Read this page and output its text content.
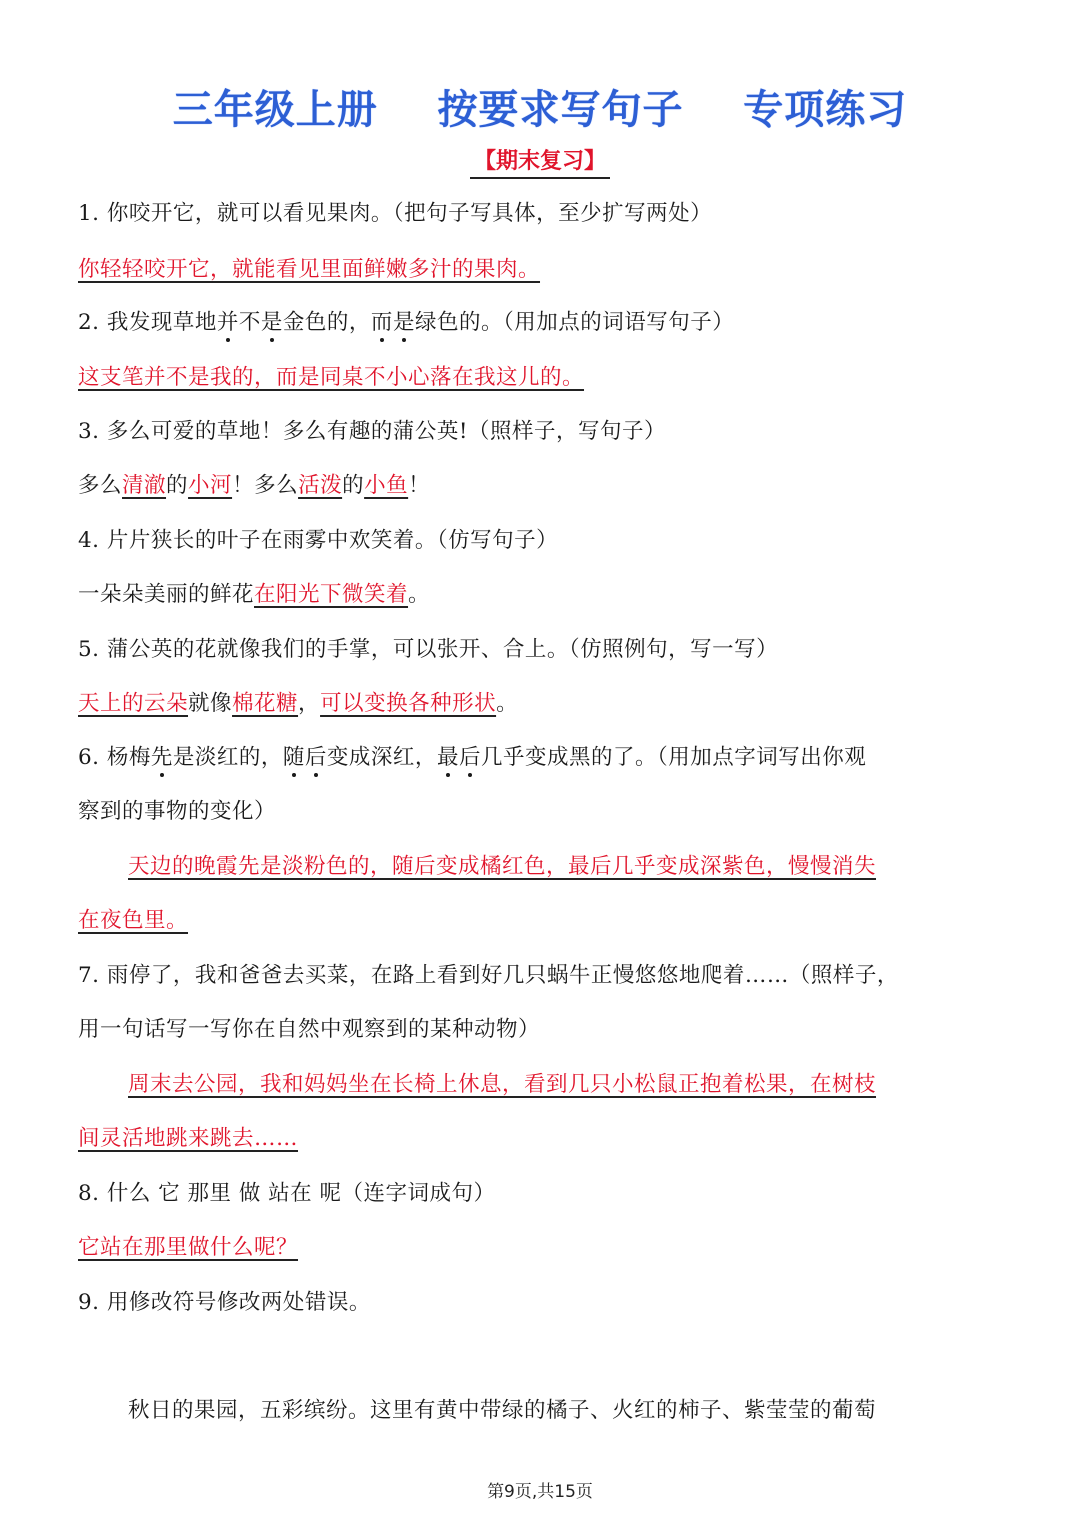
三年级上册    按要求写句子    专项练习
【期末复习】
1. 你咬开它，就可以看见果肉。（把句子写具体，至少扩写两处）
你轻轻咬开它，就能看见里面鲜嫩多汁的果肉。
2. 我发现草地并不是金色的，而是绿色的。（用加点的词语写句子）
这支笔并不是我的，而是同桌不小心落在我这儿的。
3. 多么可爱的草地！多么有趣的蒲公英!（照样子，写句子）
多么清澈的小河！多么活泼的小鱼！
4. 片片狭长的叶子在雨雾中欢笑着。（仿写句子）
一朵朵美丽的鲜花在阳光下微笑着。
5. 蒲公英的花就像我们的手掌，可以张开、合上。（仿照例句，写一写）
天上的云朵就像棉花糖，可以变换各种形状。
6. 杨梅先是淡红的，随后变成深红，最后几乎变成黑的了。（用加点字词写出你观
察到的事物的变化）
天边的晚霞先是淡粉色的，随后变成橘红色，最后几乎变成深紫色，慢慢消失
在夜色里。
7. 雨停了，我和爸爸去买菜，在路上看到好几只蜗牛正慢悠悠地爬着……（照样子，
用一句话写一写你在自然中观察到的某种动物）
周末去公园，我和妈妈坐在长椅上休息，看到几只小松鼠正抱着松果，在树枝
间灵活地跳来跳去……
8. 什么 它 那里 做 站在 呢（连字词成句）
它站在那里做什么呢？
9. 用修改符号修改两处错误。
秋日的果园，五彩缤纷。这里有黄中带绿的橘子、火红的柿子、紫莹莹的葡萄
第9页,共15页
